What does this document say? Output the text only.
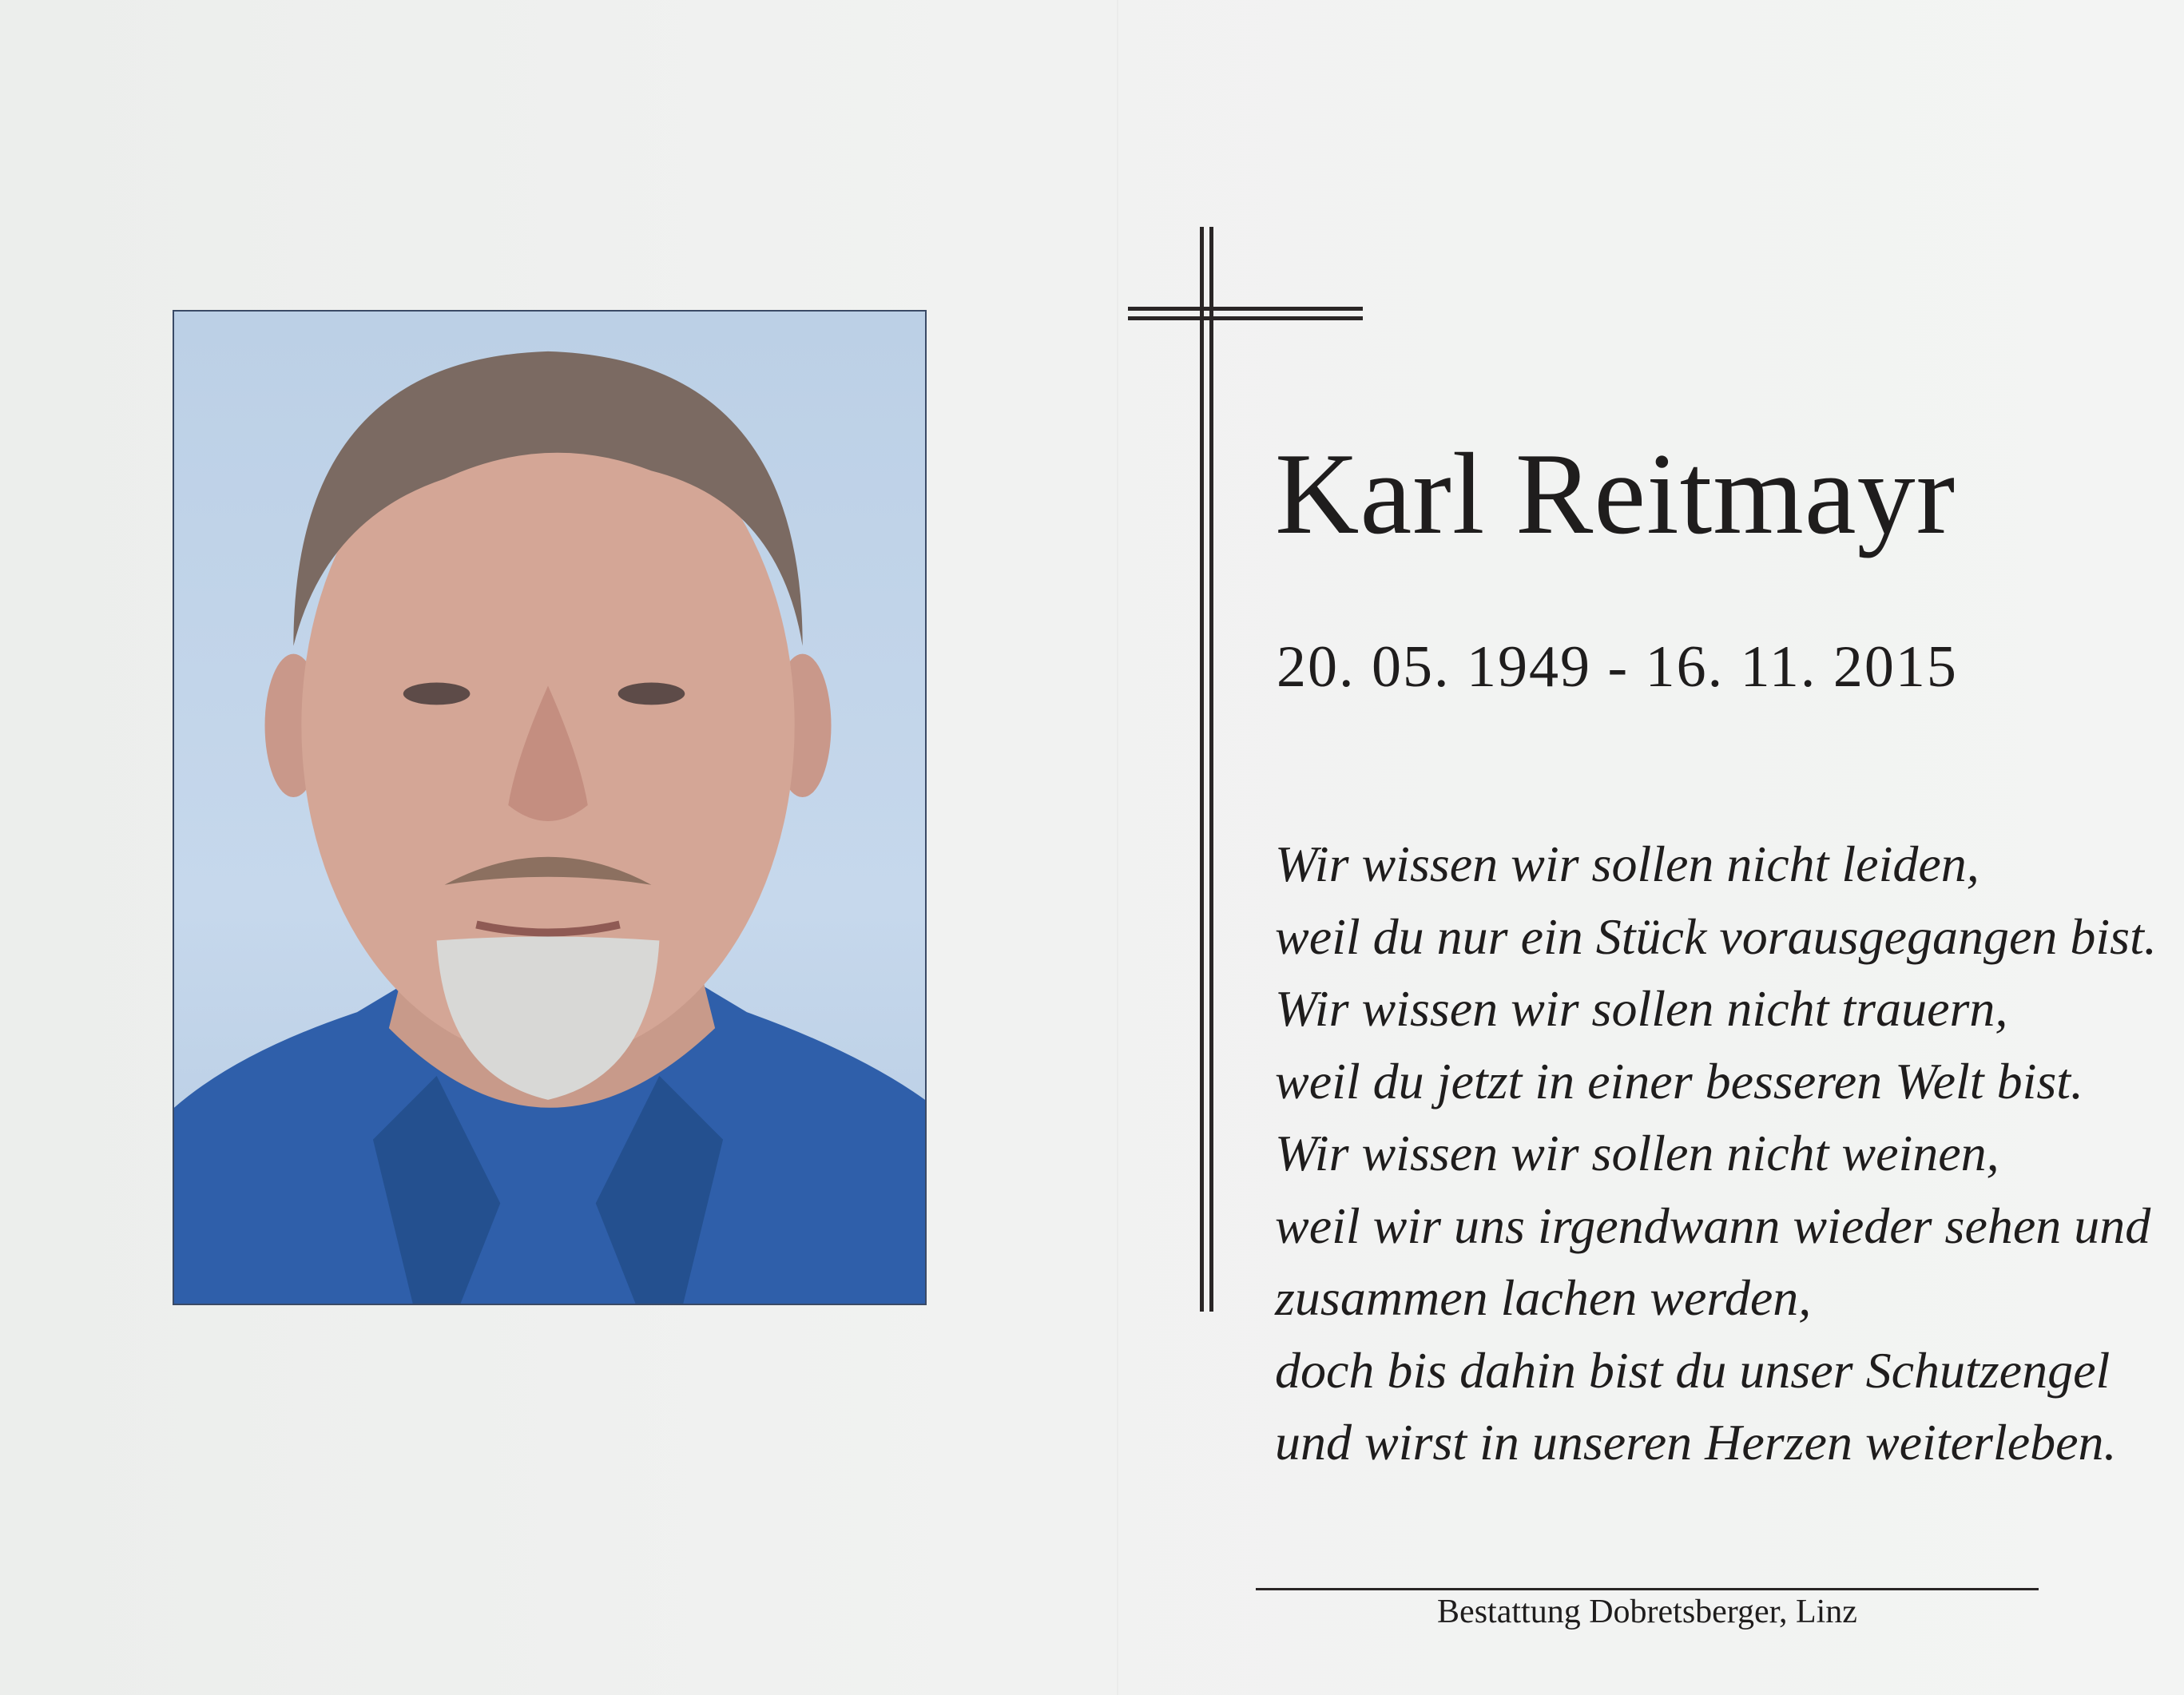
Karl Reitmayr
20. 05. 1949 - 16. 11. 2015
Wir wissen wir sollen nicht leiden,
weil du nur ein Stück vorausgegangen bist.
Wir wissen wir sollen nicht trauern,
weil du jetzt in einer besseren Welt bist.
Wir wissen wir sollen nicht weinen,
weil wir uns irgendwann wieder sehen und
zusammen lachen werden,
doch bis dahin bist du unser Schutzengel
und wirst in unseren Herzen weiterleben.
Bestattung Dobretsberger, Linz
